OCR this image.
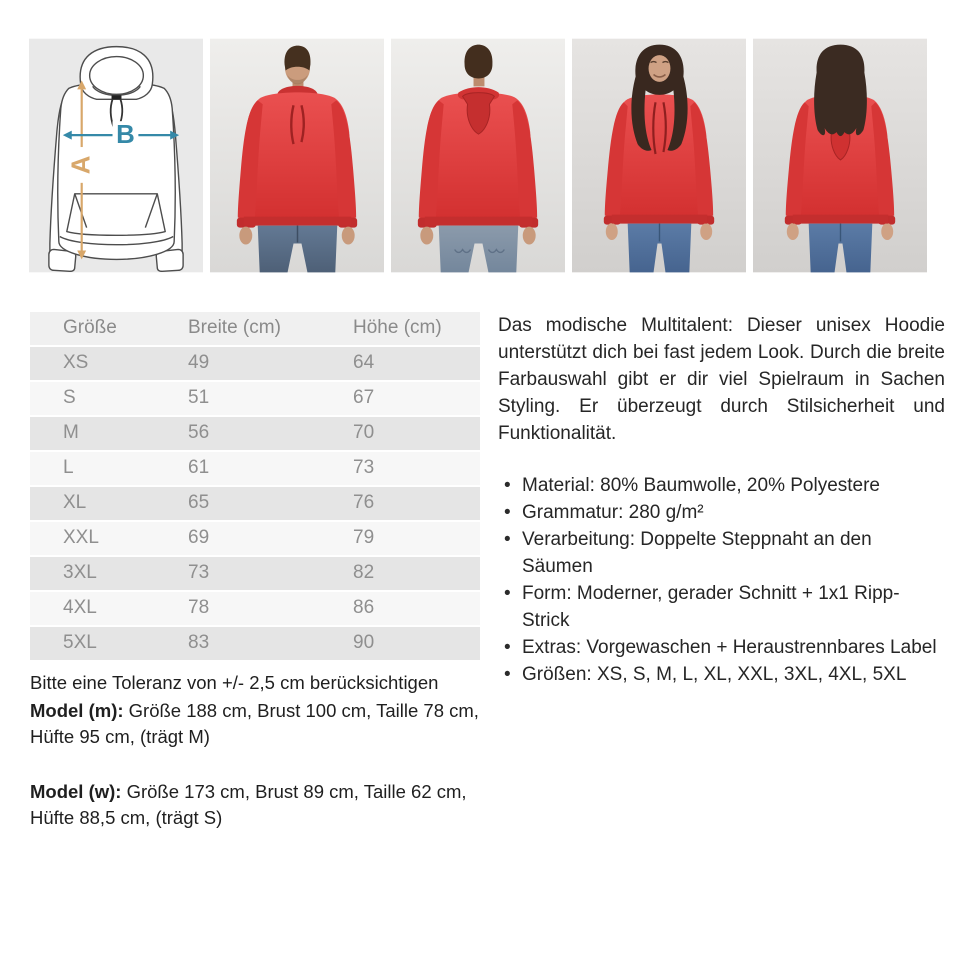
A
B
Größe	Breite (cm)	Höhe (cm)
XS	49	64
S	51	67
M	56	70
L	61	73
XL	65	76
XXL	69	79
3XL	73	82
4XL	78	86
5XL	83	90

Bitte eine Toleranz von +/- 2,5 cm berücksichtigen

Model (m): Größe 188 cm, Brust 100 cm, Taille 78 cm, Hüfte 95 cm, (trägt M)

Model (w): Größe 173 cm, Brust 89 cm, Taille 62 cm, Hüfte 88,5 cm, (trägt S)

Das modische Multitalent: Dieser unisex Hoodie unterstützt dich bei fast jedem Look. Durch die breite Farbauswahl gibt er dir viel Spielraum in Sachen Styling. Er überzeugt durch Stilsicherheit und Funktionalität.

• Material: 80% Baumwolle, 20% Polyestere
• Grammatur: 280 g/m²
• Verarbeitung: Doppelte Steppnaht an den Säumen
• Form: Moderner, gerader Schnitt + 1x1 Ripp-Strick
• Extras: Vorgewaschen + Heraustrennbares Label
• Größen: XS, S, M, L, XL, XXL, 3XL, 4XL, 5XL
